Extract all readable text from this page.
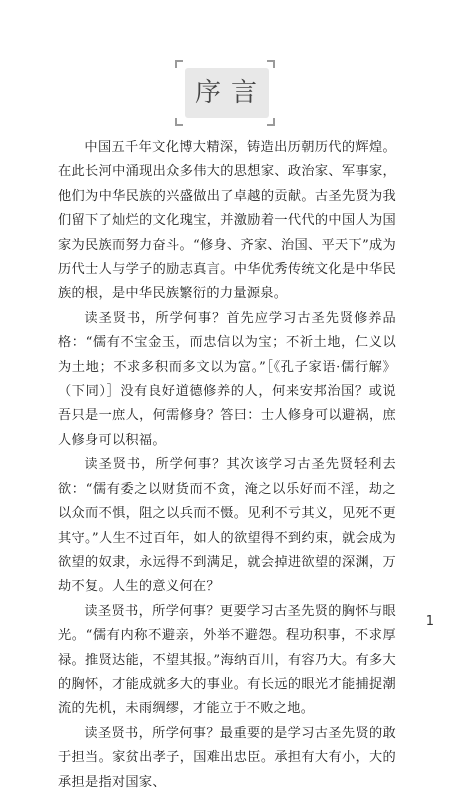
序言

中国五千年文化博大精深，铸造出历朝历代的辉煌。在此长河中涌现出众多伟大的思想家、政治家、军事家，他们为中华民族的兴盛做出了卓越的贡献。古圣先贤为我们留下了灿烂的文化瑰宝，并激励着一代代的中国人为国家为民族而努力奋斗。“修身、齐家、治国、平天下”成为历代士人与学子的励志真言。中华优秀传统文化是中华民族的根，是中华民族繁衍的力量源泉。

读圣贤书，所学何事？首先应学习古圣先贤修养品格：“儒有不宝金玉，而忠信以为宝；不祈土地，仁义以为土地；不求多积而多文以为富。”［《孔子家语·儒行解》（下同）］没有良好道德修养的人，何来安邦治国？或说吾只是一庶人，何需修身？答曰：士人修身可以避祸，庶人修身可以积福。

读圣贤书，所学何事？其次该学习古圣先贤轻利去欲：“儒有委之以财货而不贪，淹之以乐好而不淫，劫之以众而不惧，阻之以兵而不慑。见利不亏其义，见死不更其守。”人生不过百年，如人的欲望得不到约束，就会成为欲望的奴隶，永远得不到满足，就会掉进欲望的深渊，万劫不复。人生的意义何在？

读圣贤书，所学何事？更要学习古圣先贤的胸怀与眼光。“儒有内称不避亲，外举不避怨。程功积事，不求厚禄。推贤达能，不望其报。”海纳百川，有容乃大。有多大的胸怀，才能成就多大的事业。有长远的眼光才能捕捉潮流的先机，未雨绸缪，才能立于不败之地。

读圣贤书，所学何事？最重要的是学习古圣先贤的敢于担当。家贫出孝子，国难出忠臣。承担有大有小，大的承担是指对国家、

1
